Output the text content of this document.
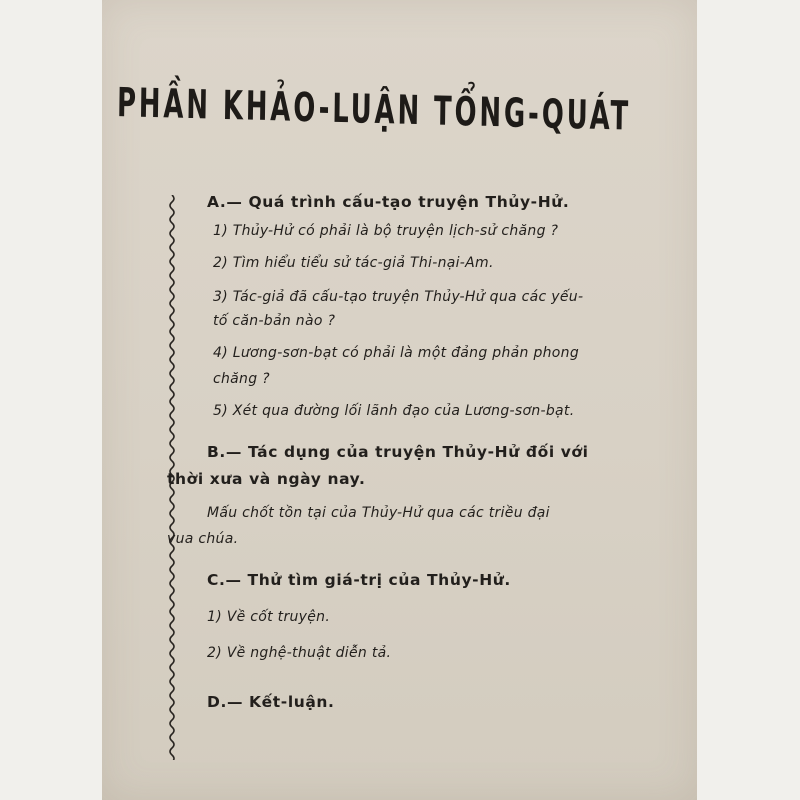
PHẦN KHẢO-LUẬN TỔNG-QUÁT

A.— Quá trình cấu-tạo truyện Thủy-Hử.

1) Thủy-Hử có phải là bộ truyện lịch-sử chăng ?

2) Tìm hiểu tiểu sử tác-giả Thi-nại-Am.

3) Tác-giả đã cấu-tạo truyện Thủy-Hử qua các yếu-

tố căn-bản nào ?

4) Lương-sơn-bạt có phải là một đảng phản phong

chăng ?

5) Xét qua đường lối lãnh đạo của Lương-sơn-bạt.

B.— Tác dụng của truyện Thủy-Hử đối với

thời xưa và ngày nay.

Mấu chốt tồn tại của Thủy-Hử qua các triều đại

vua chúa.

C.— Thử tìm giá-trị của Thủy-Hử.

1) Về cốt truyện.

2) Về nghệ-thuật diễn tả.

D.— Kết-luận.
